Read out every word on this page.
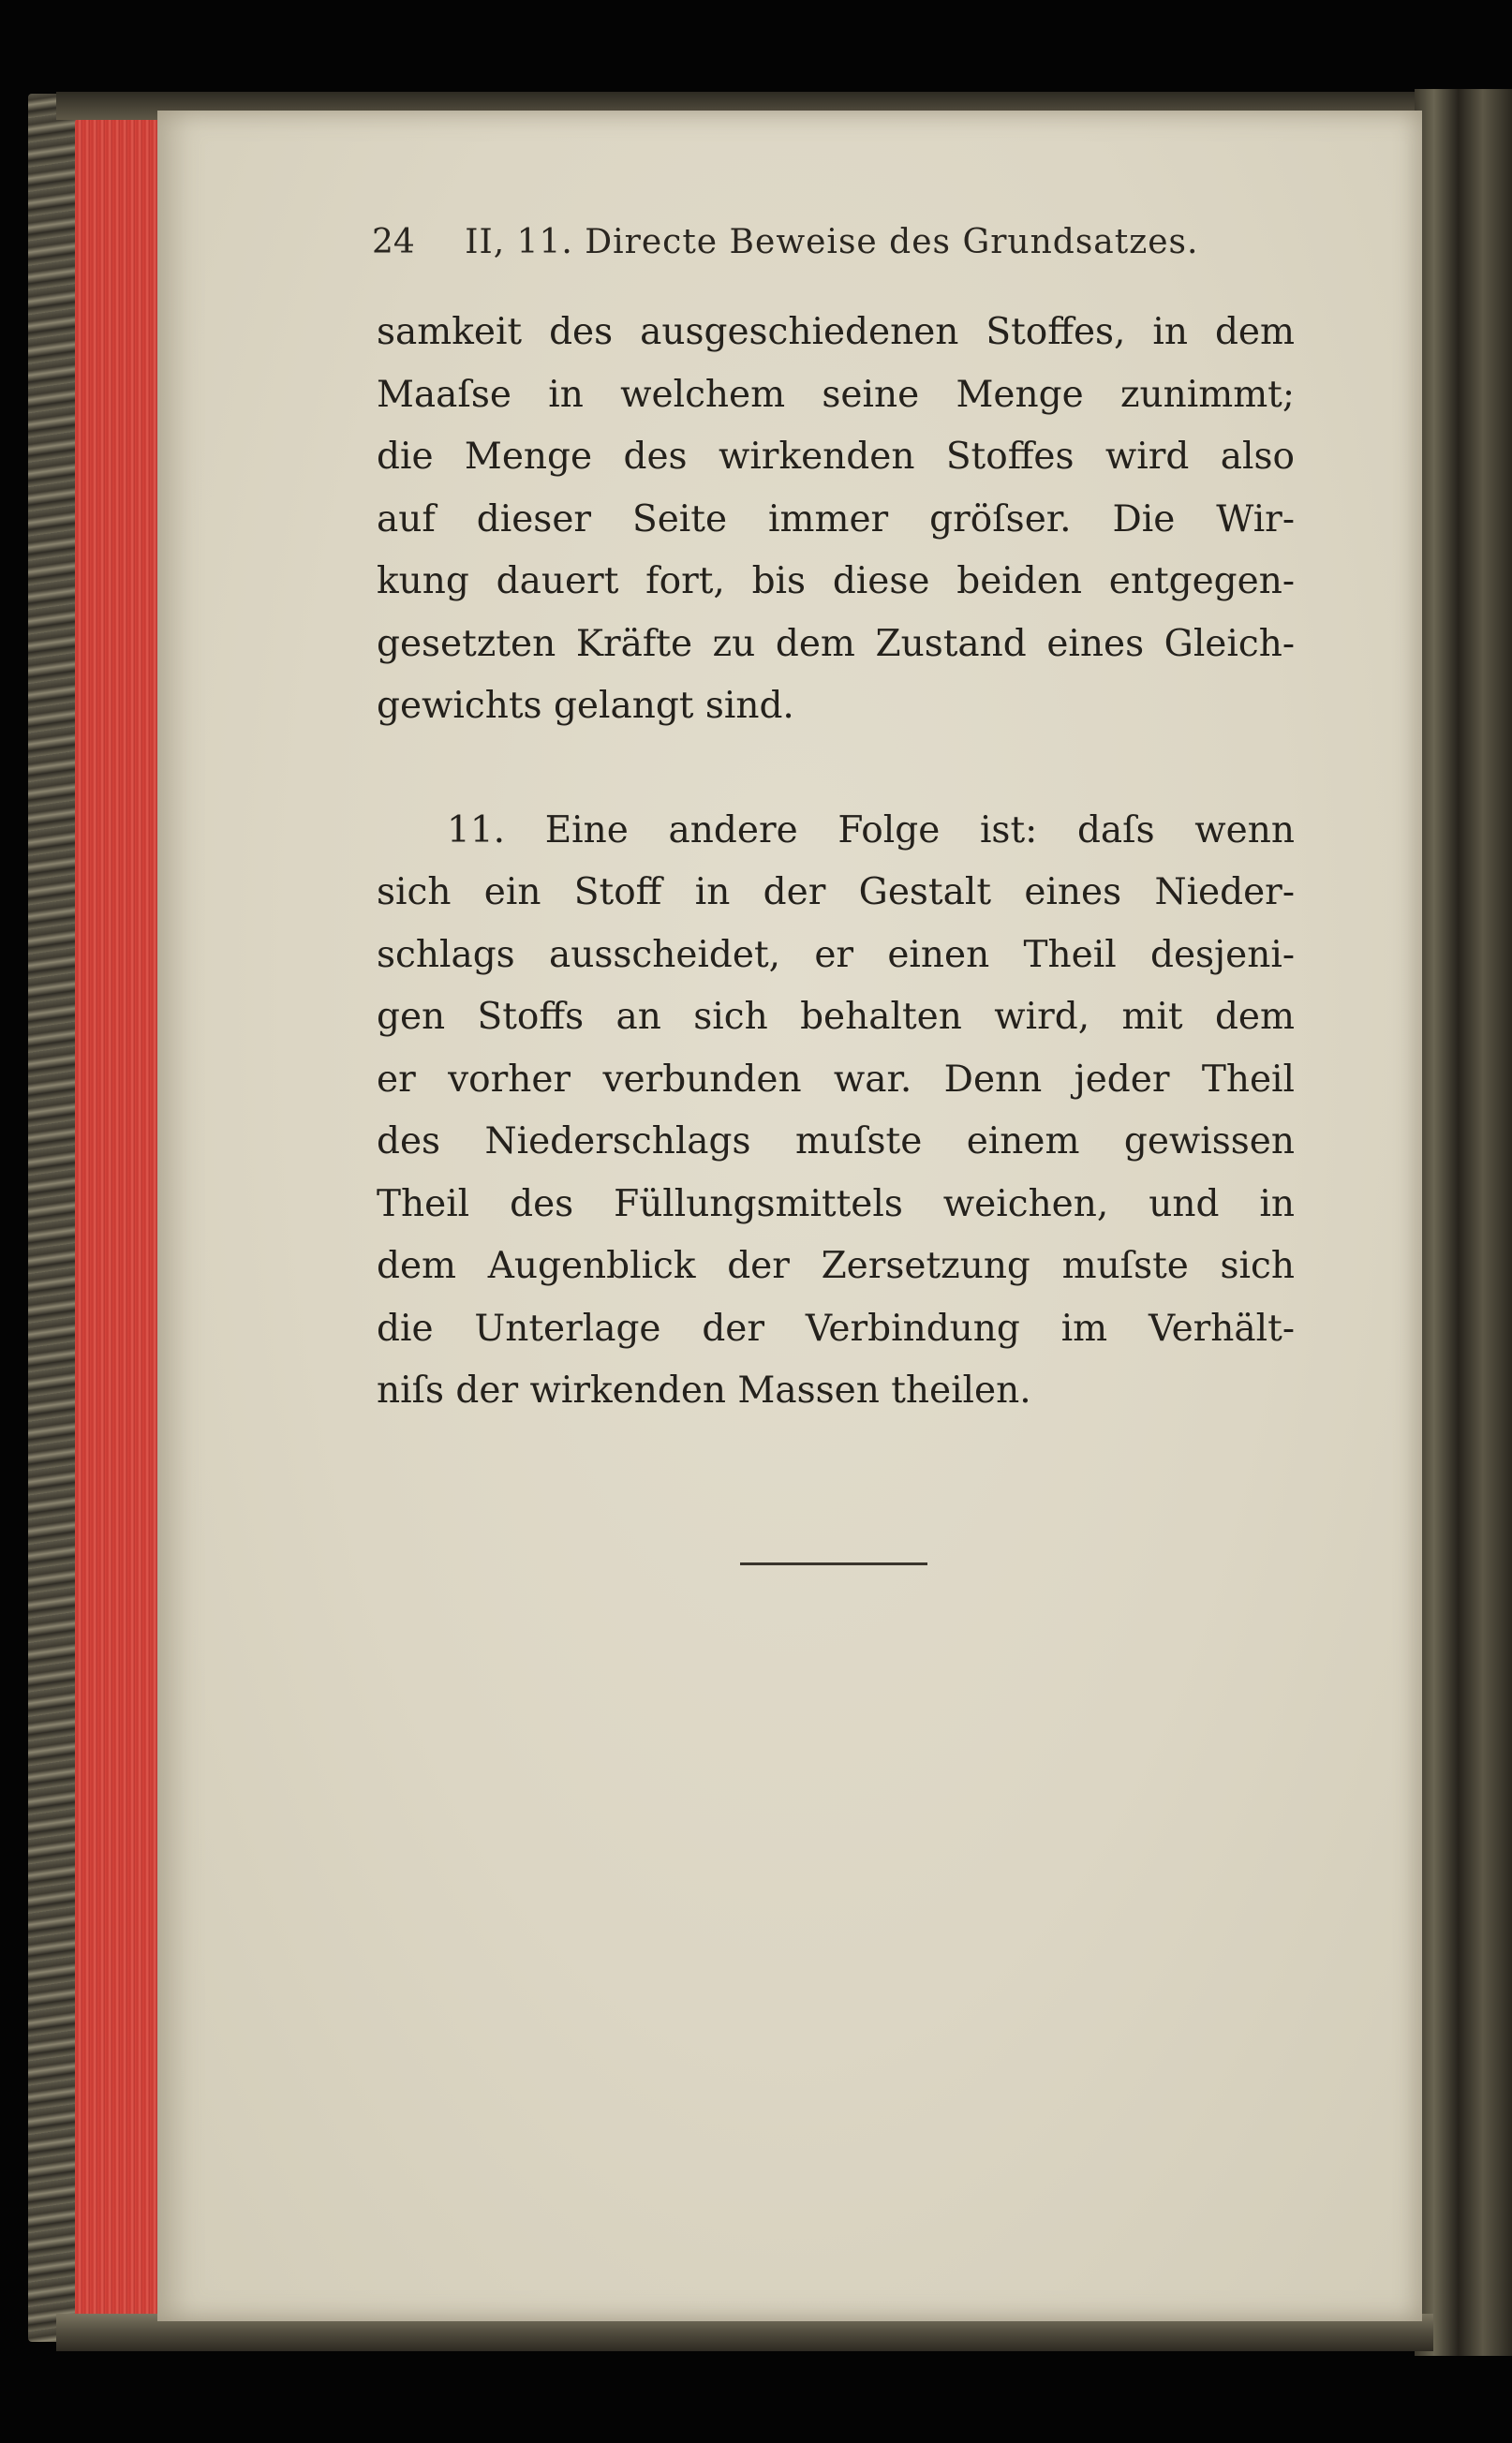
24 II, 11. Directe Beweise des Grundsatzes.
samkeit des ausgeschiedenen Stoffes, in dem
Maaſse in welchem seine Menge zunimmt;
die Menge des wirkenden Stoffes wird also
auf dieser Seite immer gröſser. Die Wir-
kung dauert fort, bis diese beiden entgegen-
gesetzten Kräfte zu dem Zustand eines Gleich-
gewichts gelangt sind.
11. Eine andere Folge ist: daſs wenn
sich ein Stoff in der Gestalt eines Nieder-
schlags ausscheidet, er einen Theil desjeni-
gen Stoffs an sich behalten wird, mit dem
er vorher verbunden war. Denn jeder Theil
des Niederschlags muſste einem gewissen
Theil des Füllungsmittels weichen, und in
dem Augenblick der Zersetzung muſste sich
die Unterlage der Verbindung im Verhält-
niſs der wirkenden Massen theilen.
